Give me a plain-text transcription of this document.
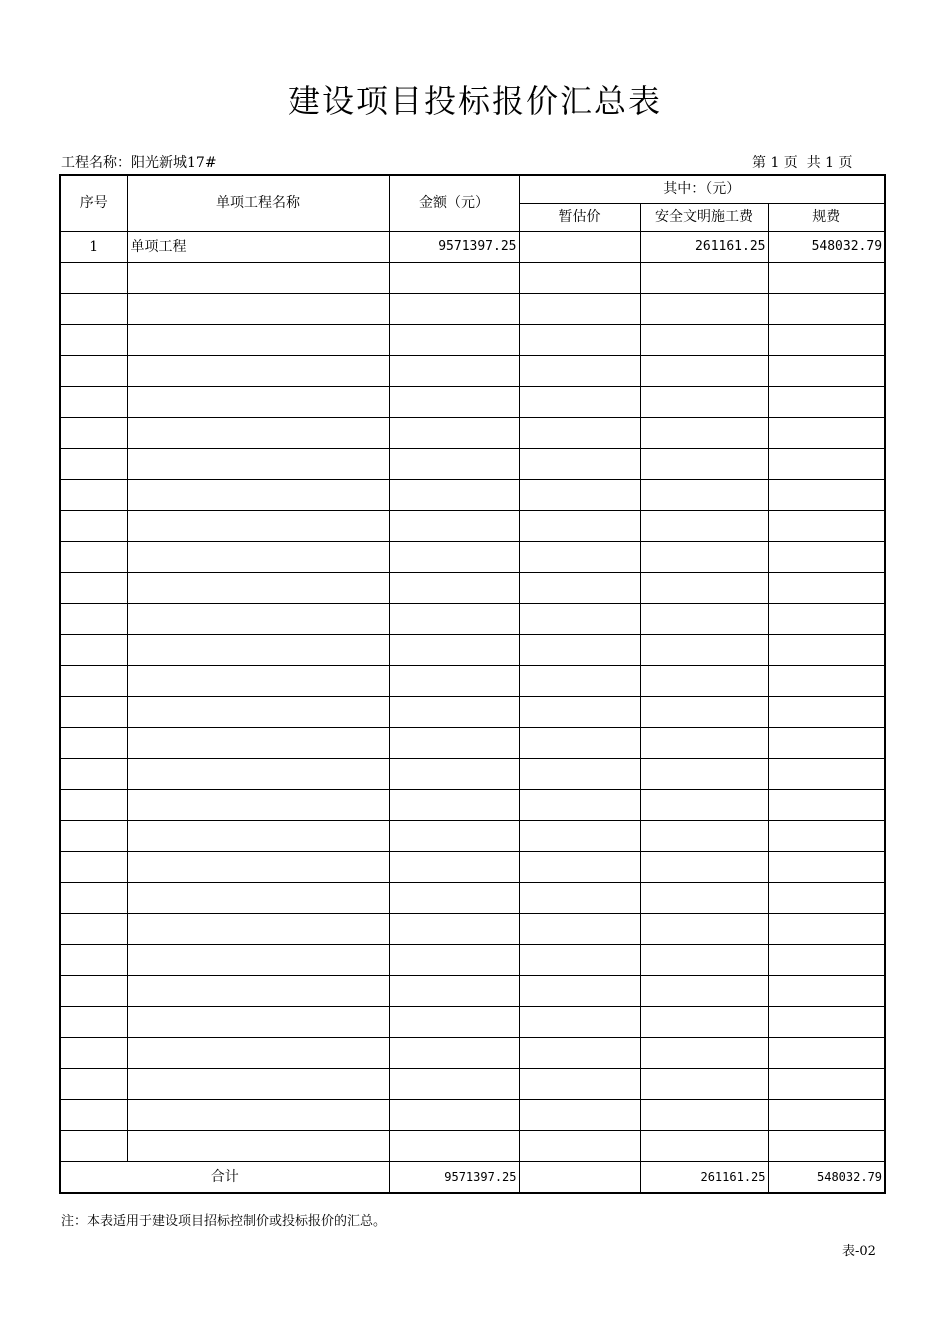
建设项目投标报价汇总表
工程名称：阳光新城17#	第 1 页  共 1 页
序号	单项工程名称	金额（元）	其中：（元）		
			暂估价	安全文明施工费	规费
1	单项工程	9571397.25		261161.25	548032.79

合计		9571397.25		261161.25	548032.79
注：本表适用于建设项目招标控制价或投标报价的汇总。
表-02
